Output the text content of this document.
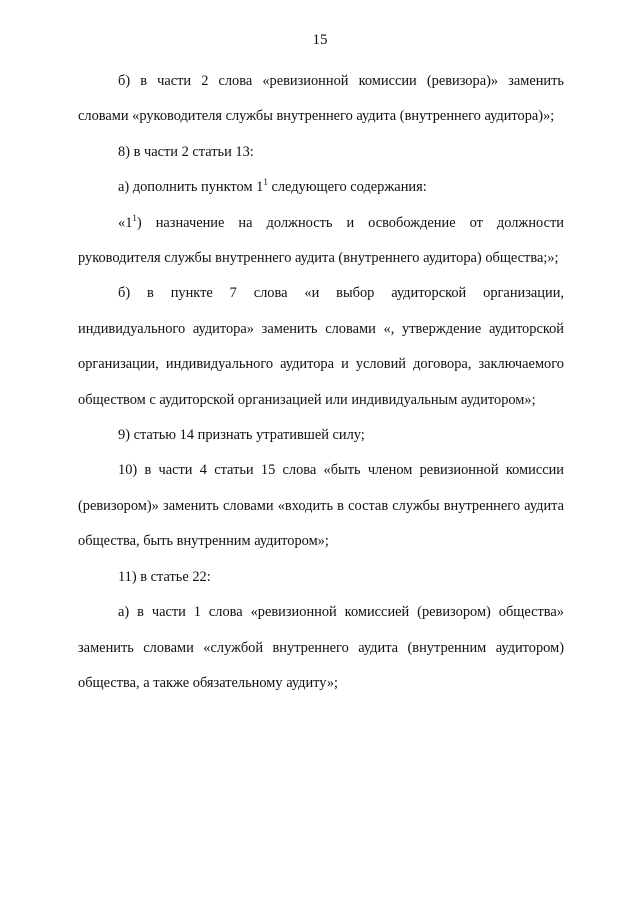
15

б) в части 2 слова «ревизионной комиссии (ревизора)» заменить словами «руководителя службы внутреннего аудита (внутреннего аудитора)»;

8) в части 2 статьи 13:

а) дополнить пунктом $1^1$ следующего содержания:

«$1^1$) назначение на должность и освобождение от должности руководителя службы внутреннего аудита (внутреннего аудитора) общества;»;

б) в пункте 7 слова «и выбор аудиторской организации, индивидуального аудитора» заменить словами «, утверждение аудиторской организации, индивидуального аудитора и условий договора, заключаемого обществом с аудиторской организацией или индивидуальным аудитором»;

9) статью 14 признать утратившей силу;

10) в части 4 статьи 15 слова «быть членом ревизионной комиссии (ревизором)» заменить словами «входить в состав службы внутреннего аудита общества, быть внутренним аудитором»;

11) в статье 22:

а) в части 1 слова «ревизионной комиссией (ревизором) общества» заменить словами «службой внутреннего аудита (внутренним аудитором) общества, а также обязательному аудиту»;
